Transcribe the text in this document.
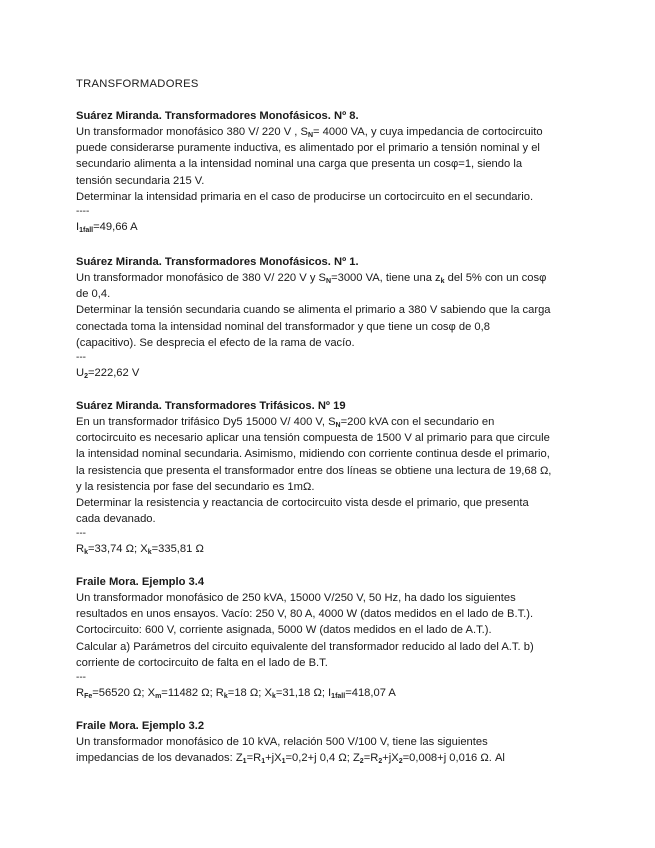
TRANSFORMADORES
Suárez Miranda. Transformadores Monofásicos. Nº 8.
Un transformador monofásico 380 V/ 220 V , $S_N= 4000$ VA, y cuya impedancia de cortocircuito
puede considerarse puramente inductiva, es alimentado por el primario a tensión nominal y el
secundario alimenta a la intensidad nominal una carga que presenta un cosφ=1, siendo la
tensión secundaria 215 V.
Determinar la intensidad primaria en el caso de producirse un cortocircuito en el secundario.
----
$I_{1fall}=49,66$ A
Suárez Miranda. Transformadores Monofásicos. Nº 1.
Un transformador monofásico de 380 V/ 220 V y $S_N=3000$ VA, tiene una $z_k$ del 5% con un cosφ
de 0,4.
Determinar la tensión secundaria cuando se alimenta el primario a 380 V sabiendo que la carga
conectada toma la intensidad nominal del transformador y que tiene un cosφ de 0,8
(capacitivo). Se desprecia el efecto de la rama de vacío.
---
$U_2=222,62$ V
Suárez Miranda. Transformadores Trifásicos. Nº 19
En un transformador trifásico Dy5 15000 V/ 400 V, $S_N=200$ kVA con el secundario en
cortocircuito es necesario aplicar una tensión compuesta de 1500 V al primario para que circule
la intensidad nominal secundaria. Asimismo, midiendo con corriente continua desde el primario,
la resistencia que presenta el transformador entre dos líneas se obtiene una lectura de 19,68 Ω,
y la resistencia por fase del secundario es 1mΩ.
Determinar la resistencia y reactancia de cortocircuito vista desde el primario, que presenta
cada devanado.
---
$R_k=33,74$ Ω; $X_k=335,81$ Ω
Fraile Mora. Ejemplo 3.4
Un transformador monofásico de 250 kVA, 15000 V/250 V, 50 Hz, ha dado los siguientes
resultados en unos ensayos. Vacío: 250 V, 80 A, 4000 W (datos medidos en el lado de B.T.).
Cortocircuito: 600 V, corriente asignada, 5000 W (datos medidos en el lado de A.T.).
Calcular a) Parámetros del circuito equivalente del transformador reducido al lado del A.T. b)
corriente de cortocircuito de falta en el lado de B.T.
---
$R_{Fe}=56520$ Ω; $X_m=11482$ Ω; $R_k=18$ Ω; $X_k=31,18$ Ω; $I_{1fall}=418,07$ A
Fraile Mora. Ejemplo 3.2
Un transformador monofásico de 10 kVA, relación 500 V/100 V, tiene las siguientes
impedancias de los devanados: $Z_1=R_1+jX_1=0,2+j$ 0,4 Ω; $Z_2=R_2+jX_2=0,008+j$ 0,016 Ω. Al
